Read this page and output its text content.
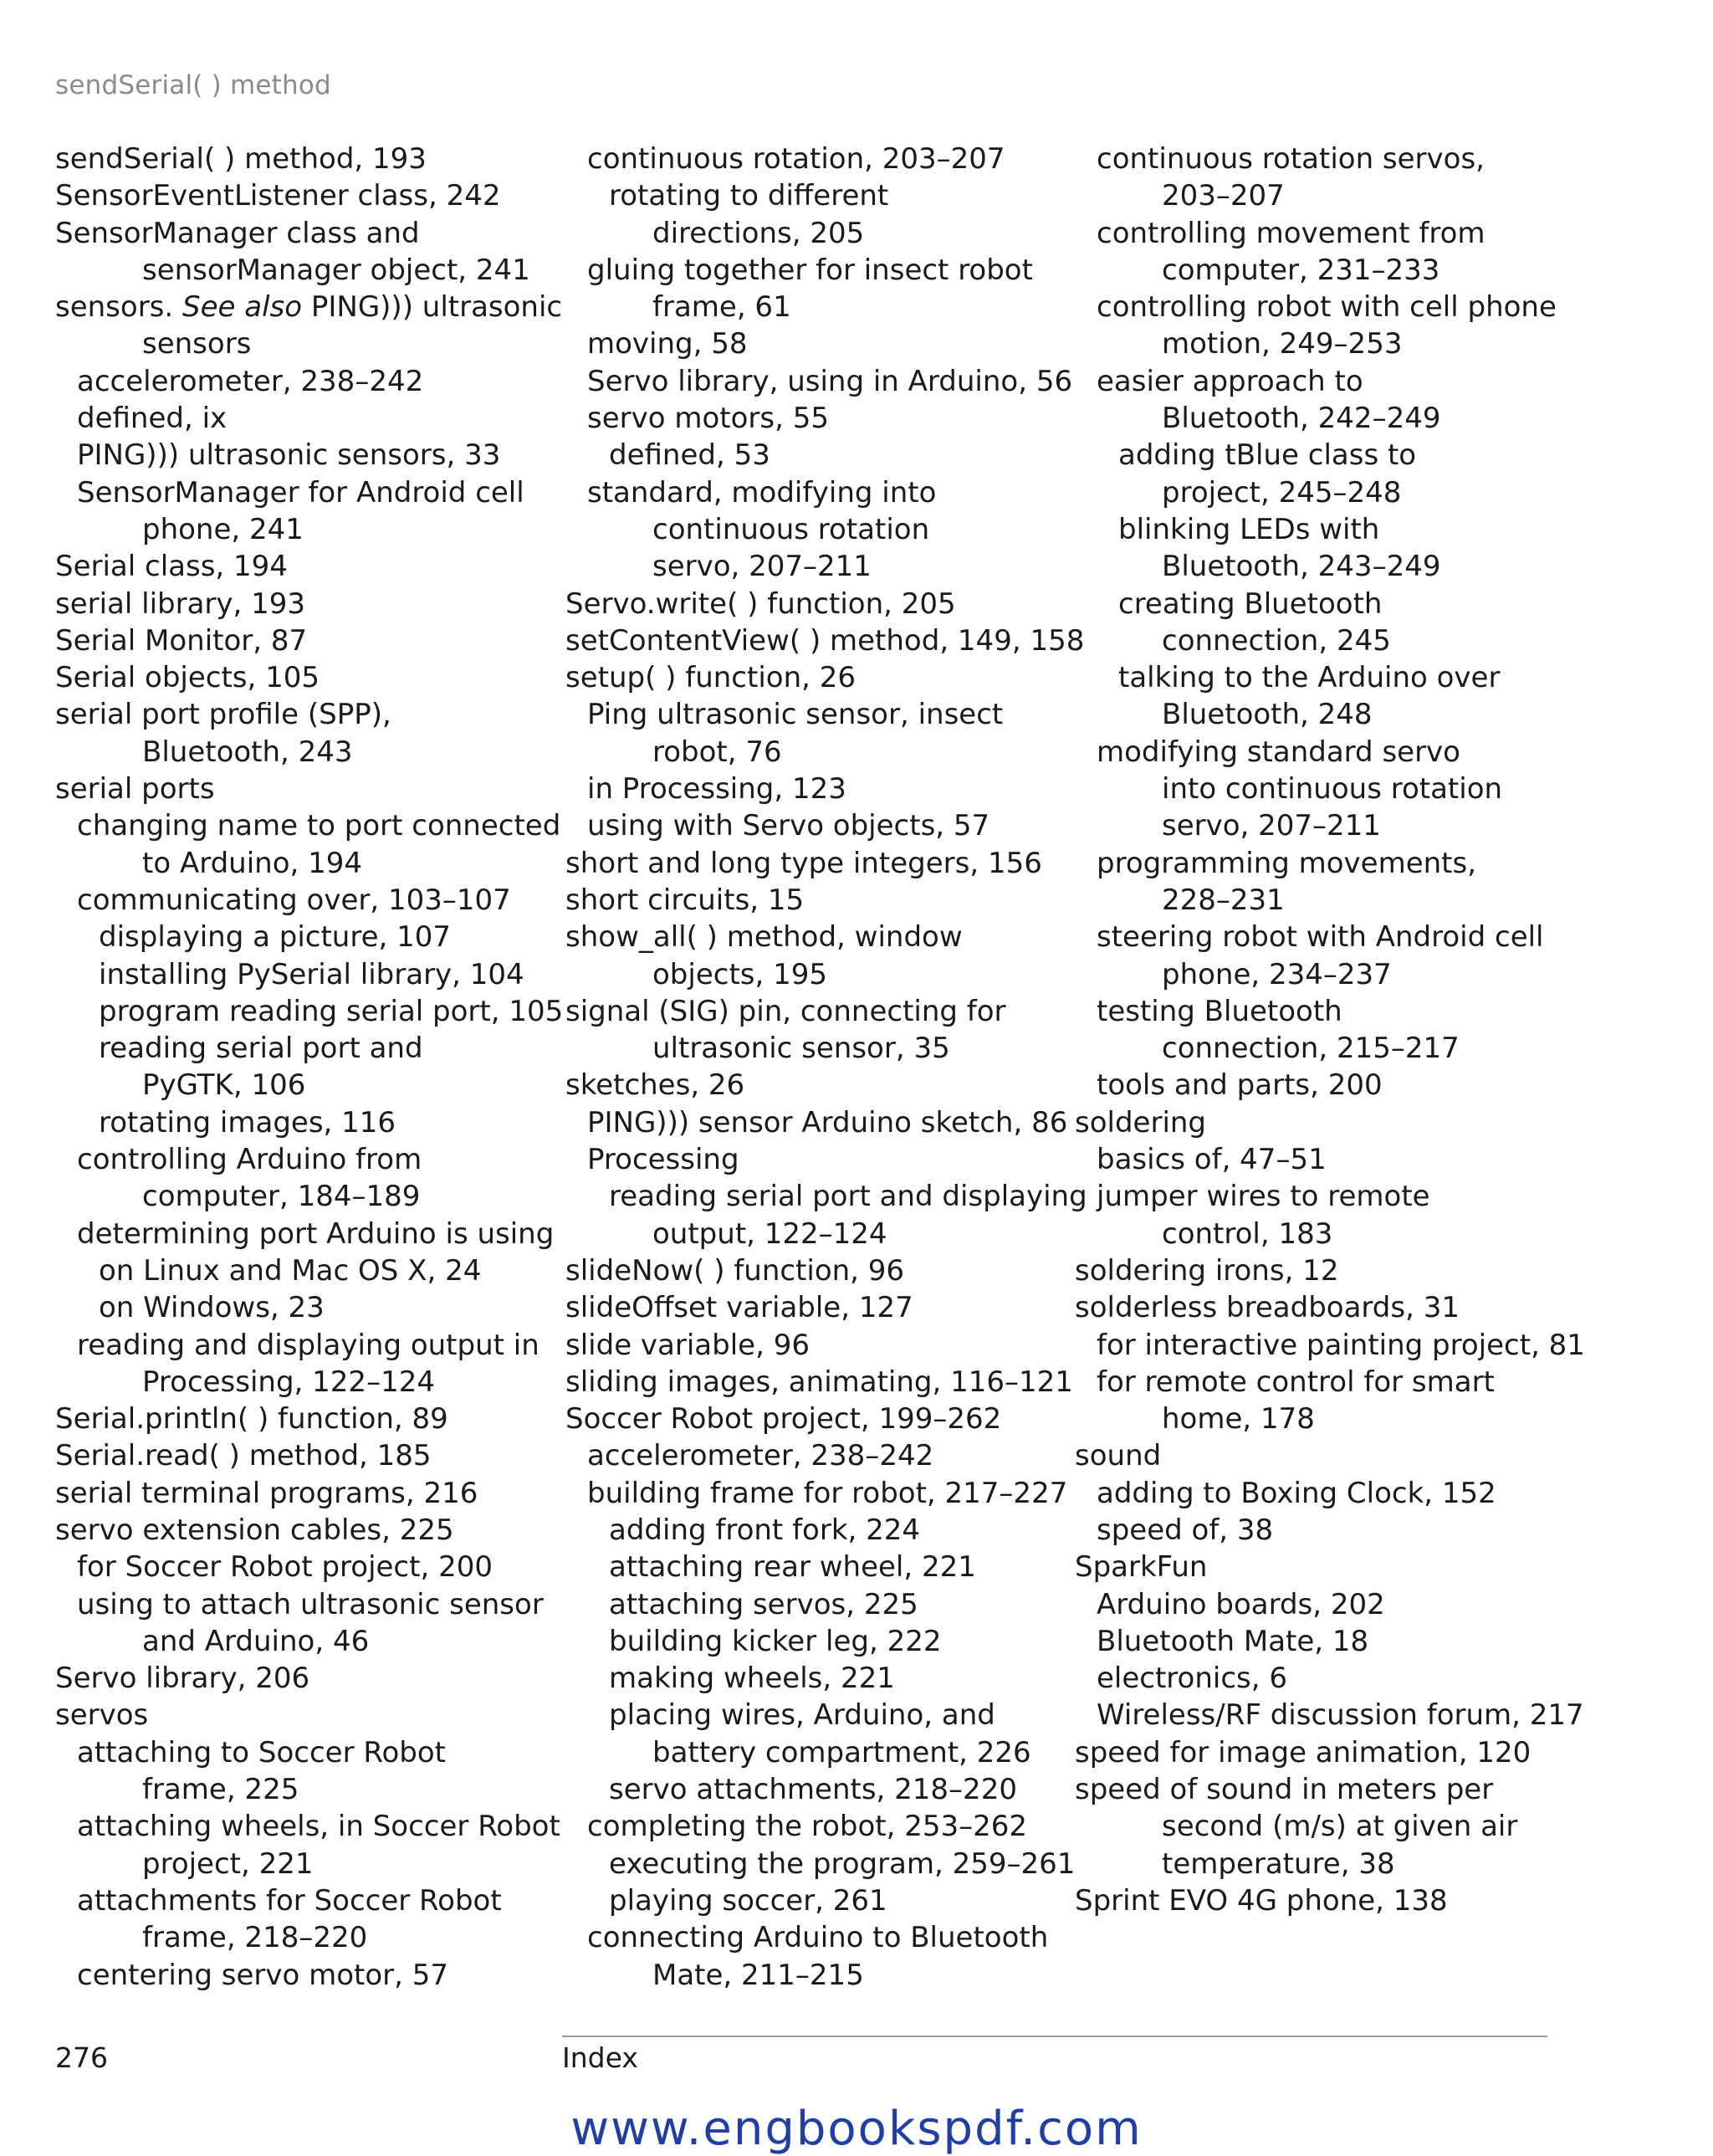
sendSerial( ) method
sendSerial( ) method, 193
SensorEventListener class, 242
SensorManager class and
sensorManager object, 241
sensors. See also PING))) ultrasonic
sensors
accelerometer, 238–242
defined, ix
PING))) ultrasonic sensors, 33
SensorManager for Android cell
phone, 241
Serial class, 194
serial library, 193
Serial Monitor, 87
Serial objects, 105
serial port profile (SPP),
Bluetooth, 243
serial ports
changing name to port connected
to Arduino, 194
communicating over, 103–107
displaying a picture, 107
installing PySerial library, 104
program reading serial port, 105
reading serial port and
PyGTK, 106
rotating images, 116
controlling Arduino from
computer, 184–189
determining port Arduino is using
on Linux and Mac OS X, 24
on Windows, 23
reading and displaying output in
Processing, 122–124
Serial.println( ) function, 89
Serial.read( ) method, 185
serial terminal programs, 216
servo extension cables, 225
for Soccer Robot project, 200
using to attach ultrasonic sensor
and Arduino, 46
Servo library, 206
servos
attaching to Soccer Robot
frame, 225
attaching wheels, in Soccer Robot
project, 221
attachments for Soccer Robot
frame, 218–220
centering servo motor, 57
continuous rotation, 203–207
rotating to different
directions, 205
gluing together for insect robot
frame, 61
moving, 58
Servo library, using in Arduino, 56
servo motors, 55
defined, 53
standard, modifying into
continuous rotation
servo, 207–211
Servo.write( ) function, 205
setContentView( ) method, 149, 158
setup( ) function, 26
Ping ultrasonic sensor, insect
robot, 76
in Processing, 123
using with Servo objects, 57
short and long type integers, 156
short circuits, 15
show_all( ) method, window
objects, 195
signal (SIG) pin, connecting for
ultrasonic sensor, 35
sketches, 26
PING))) sensor Arduino sketch, 86
Processing
reading serial port and displaying
output, 122–124
slideNow( ) function, 96
slideOffset variable, 127
slide variable, 96
sliding images, animating, 116–121
Soccer Robot project, 199–262
accelerometer, 238–242
building frame for robot, 217–227
adding front fork, 224
attaching rear wheel, 221
attaching servos, 225
building kicker leg, 222
making wheels, 221
placing wires, Arduino, and
battery compartment, 226
servo attachments, 218–220
completing the robot, 253–262
executing the program, 259–261
playing soccer, 261
connecting Arduino to Bluetooth
Mate, 211–215
continuous rotation servos,
203–207
controlling movement from
computer, 231–233
controlling robot with cell phone
motion, 249–253
easier approach to
Bluetooth, 242–249
adding tBlue class to
project, 245–248
blinking LEDs with
Bluetooth, 243–249
creating Bluetooth
connection, 245
talking to the Arduino over
Bluetooth, 248
modifying standard servo
into continuous rotation
servo, 207–211
programming movements,
228–231
steering robot with Android cell
phone, 234–237
testing Bluetooth
connection, 215–217
tools and parts, 200
soldering
basics of, 47–51
jumper wires to remote
control, 183
soldering irons, 12
solderless breadboards, 31
for interactive painting project, 81
for remote control for smart
home, 178
sound
adding to Boxing Clock, 152
speed of, 38
SparkFun
Arduino boards, 202
Bluetooth Mate, 18
electronics, 6
Wireless/RF discussion forum, 217
speed for image animation, 120
speed of sound in meters per
second (m/s) at given air
temperature, 38
Sprint EVO 4G phone, 138
276	Index
www.engbookspdf.com
